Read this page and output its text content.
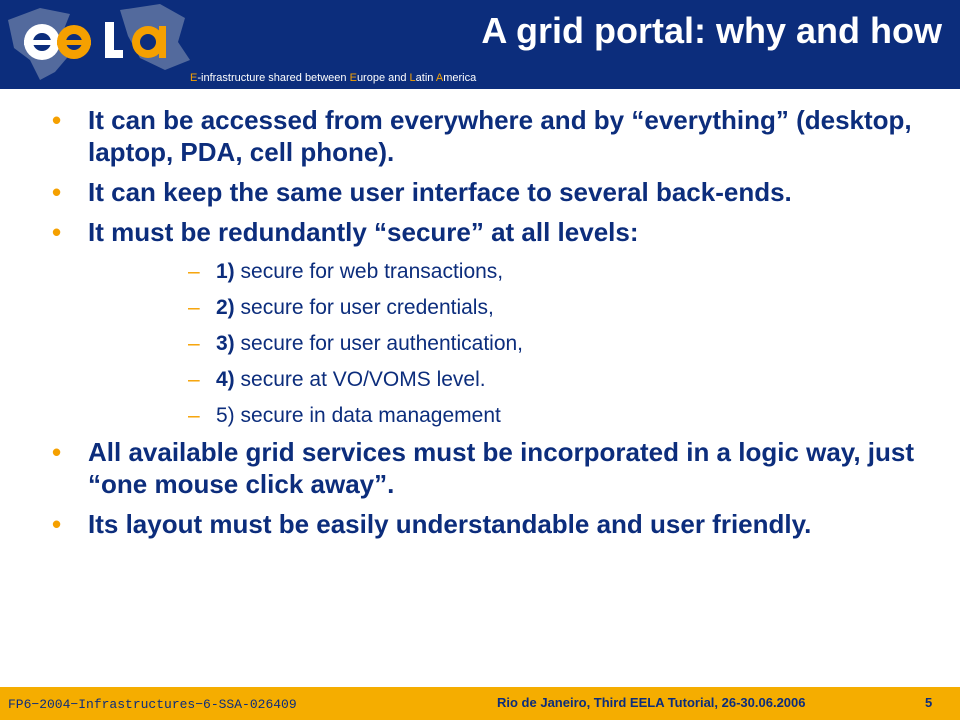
A grid portal: why and how
E-infrastructure shared between Europe and Latin America
• It can be accessed from everywhere and by “everything” (desktop, laptop, PDA, cell phone).
• It can keep the same user interface to several back-ends.
• It must be redundantly “secure” at all levels:
– 1) secure for web transactions,
– 2) secure for user credentials,
– 3) secure for user authentication,
– 4) secure at VO/VOMS level.
– 5) secure in data management
• All available grid services must be incorporated in a logic way, just “one mouse click away”.
• Its layout must be easily understandable and user friendly.
FP6−2004−Infrastructures−6-SSA-026409	Rio de Janeiro, Third EELA Tutorial, 26-30.06.2006	5
